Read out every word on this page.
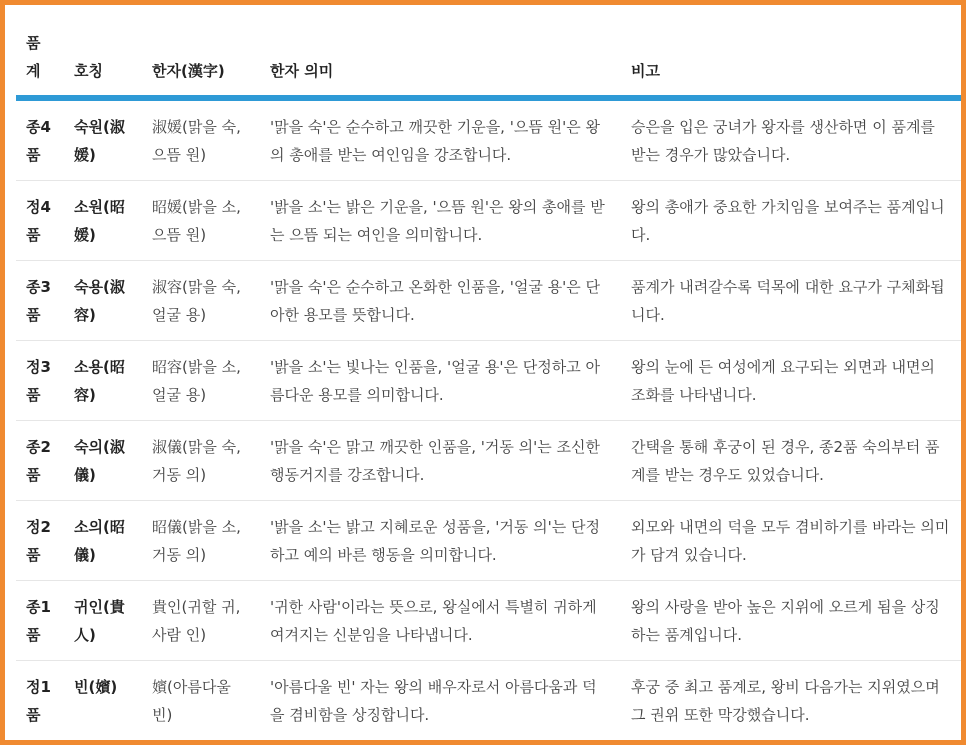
품계	호칭	한자(漢字)	한자 의미	비고
종4품	숙원(淑媛)	淑媛(맑을 숙, 으뜸 원)	'맑을 숙'은 순수하고 깨끗한 기운을, '으뜸 원'은 왕의 총애를 받는 여인임을 강조합니다.	승은을 입은 궁녀가 왕자를 생산하면 이 품계를 받는 경우가 많았습니다.
정4품	소원(昭媛)	昭媛(밝을 소, 으뜸 원)	'밝을 소'는 밝은 기운을, '으뜸 원'은 왕의 총애를 받는 으뜸 되는 여인을 의미합니다.	왕의 총애가 중요한 가치임을 보여주는 품계입니다.
종3품	숙용(淑容)	淑容(맑을 숙, 얼굴 용)	'맑을 숙'은 순수하고 온화한 인품을, '얼굴 용'은 단아한 용모를 뜻합니다.	품계가 내려갈수록 덕목에 대한 요구가 구체화됩니다.
정3품	소용(昭容)	昭容(밝을 소, 얼굴 용)	'밝을 소'는 빛나는 인품을, '얼굴 용'은 단정하고 아름다운 용모를 의미합니다.	왕의 눈에 든 여성에게 요구되는 외면과 내면의 조화를 나타냅니다.
종2품	숙의(淑儀)	淑儀(맑을 숙, 거동 의)	'맑을 숙'은 맑고 깨끗한 인품을, '거동 의'는 조신한 행동거지를 강조합니다.	간택을 통해 후궁이 된 경우, 종2품 숙의부터 품계를 받는 경우도 있었습니다.
정2품	소의(昭儀)	昭儀(밝을 소, 거동 의)	'밝을 소'는 밝고 지혜로운 성품을, '거동 의'는 단정하고 예의 바른 행동을 의미합니다.	외모와 내면의 덕을 모두 겸비하기를 바라는 의미가 담겨 있습니다.
종1품	귀인(貴人)	貴인(귀할 귀, 사람 인)	'귀한 사람'이라는 뜻으로, 왕실에서 특별히 귀하게 여겨지는 신분임을 나타냅니다.	왕의 사랑을 받아 높은 지위에 오르게 됨을 상징하는 품계입니다.
정1품	빈(嬪)	嬪(아름다울 빈)	'아름다울 빈' 자는 왕의 배우자로서 아름다움과 덕을 겸비함을 상징합니다.	후궁 중 최고 품계로, 왕비 다음가는 지위였으며 그 권위 또한 막강했습니다.
